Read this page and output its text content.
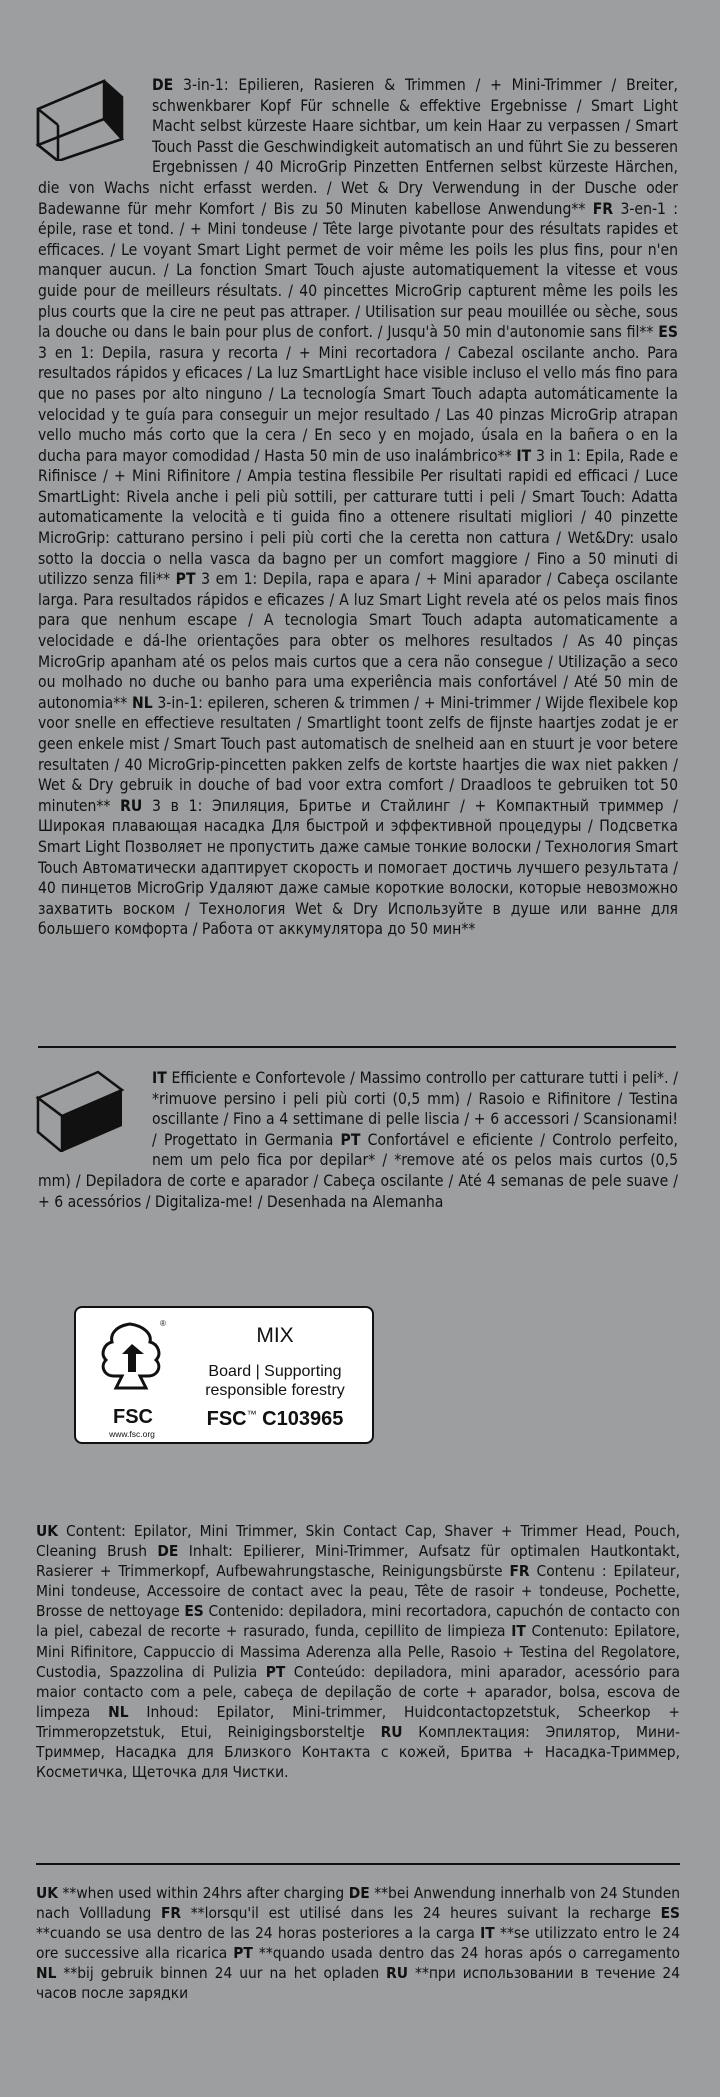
DE 3-in-1: Epilieren, Rasieren & Trimmen / + Mini-Trimmer / Breiter, schwenkbarer Kopf Für schnelle & effektive Ergebnisse / Smart Light Macht selbst kürzeste Haare sichtbar, um kein Haar zu verpassen / Smart Touch Passt die Geschwindigkeit automatisch an und führt Sie zu besseren Ergebnissen / 40 MicroGrip Pinzetten Entfernen selbst kürzeste Härchen, die von Wachs nicht erfasst werden. / Wet & Dry Verwendung in der Dusche oder Badewanne für mehr Komfort / Bis zu 50 Minuten kabellose Anwendung** FR 3-en-1 : épile, rase et tond. / + Mini tondeuse / Tête large pivotante pour des résultats rapides et efficaces. / Le voyant Smart Light permet de voir même les poils les plus fins, pour n'en manquer aucun. / La fonction Smart Touch ajuste automatiquement la vitesse et vous guide pour de meilleurs résultats. / 40 pincettes MicroGrip capturent même les poils les plus courts que la cire ne peut pas attraper. / Utilisation sur peau mouillée ou sèche, sous la douche ou dans le bain pour plus de confort. / Jusqu'à 50 min d'autonomie sans fil** ES 3 en 1: Depila, rasura y recorta / + Mini recortadora / Cabezal oscilante ancho. Para resultados rápidos y eficaces / La luz SmartLight hace visible incluso el vello más fino para que no pases por alto ninguno / La tecnología Smart Touch adapta automáticamente la velocidad y te guía para conseguir un mejor resultado / Las 40 pinzas MicroGrip atrapan vello mucho más corto que la cera / En seco y en mojado, úsala en la bañera o en la ducha para mayor comodidad / Hasta 50 min de uso inalámbrico** IT 3 in 1: Epila, Rade e Rifinisce / + Mini Rifinitore / Ampia testina flessibile Per risultati rapidi ed efficaci / Luce SmartLight: Rivela anche i peli più sottili, per catturare tutti i peli / Smart Touch: Adatta automaticamente la velocità e ti guida fino a ottenere risultati migliori / 40 pinzette MicroGrip: catturano persino i peli più corti che la ceretta non cattura / Wet&Dry: usalo sotto la doccia o nella vasca da bagno per un comfort maggiore / Fino a 50 minuti di utilizzo senza fili** PT 3 em 1: Depila, rapa e apara / + Mini aparador / Cabeça oscilante larga. Para resultados rápidos e eficazes / A luz Smart Light revela até os pelos mais finos para que nenhum escape / A tecnologia Smart Touch adapta automaticamente a velocidade e dá-lhe orientações para obter os melhores resultados / As 40 pinças MicroGrip apanham até os pelos mais curtos que a cera não consegue / Utilização a seco ou molhado no duche ou banho para uma experiência mais confortável / Até 50 min de autonomia** NL 3-in-1: epileren, scheren & trimmen / + Mini-trimmer / Wijde flexibele kop voor snelle en effectieve resultaten / Smartlight toont zelfs de fijnste haartjes zodat je er geen enkele mist / Smart Touch past automatisch de snelheid aan en stuurt je voor betere resultaten / 40 MicroGrip-pincetten pakken zelfs de kortste haartjes die wax niet pakken / Wet & Dry gebruik in douche of bad voor extra comfort / Draadloos te gebruiken tot 50 minuten** RU 3 в 1: Эпиляция, Бритье и Стайлинг / + Компактный триммер / Широкая плавающая насадка Для быстрой и эффективной процедуры / Подсветка Smart Light Позволяет не пропустить даже самые тонкие волоски / Технология Smart Touch Автоматически адаптирует скорость и помогает достичь лучшего результата / 40 пинцетов MicroGrip Удаляют даже самые короткие волоски, которые невозможно захватить воском / Технология Wet & Dry Используйте в душе или ванне для большего комфорта / Работа от аккумулятора до 50 мин**
IT Efficiente e Confortevole / Massimo controllo per catturare tutti i peli*. / *rimuove persino i peli più corti (0,5 mm) / Rasoio e Rifinitore / Testina oscillante / Fino a 4 settimane di pelle liscia / + 6 accessori / Scansionami! / Progettato in Germania PT Confortável e eficiente / Controlo perfeito, nem um pelo fica por depilar* / *remove até os pelos mais curtos (0,5 mm) / Depiladora de corte e aparador / Cabeça oscilante / Até 4 semanas de pele suave / + 6 acessórios / Digitaliza-me! / Desenhada na Alemanha
®
FSC
www.fsc.org
MIX
Board | Supporting
responsible forestry
FSC™ C103965
UK Content: Epilator, Mini Trimmer, Skin Contact Cap, Shaver + Trimmer Head, Pouch, Cleaning Brush DE Inhalt: Epilierer, Mini-Trimmer, Aufsatz für optimalen Hautkontakt, Rasierer + Trimmerkopf, Aufbewahrungstasche, Reinigungsbürste FR Contenu : Epilateur, Mini tondeuse, Accessoire de contact avec la peau, Tête de rasoir + tondeuse, Pochette, Brosse de nettoyage ES Contenido: depiladora, mini recortadora, capuchón de contacto con la piel, cabezal de recorte + rasurado, funda, cepillito de limpieza IT Contenuto: Epilatore, Mini Rifinitore, Cappuccio di Massima Aderenza alla Pelle, Rasoio + Testina del Regolatore, Custodia, Spazzolina di Pulizia PT Conteúdo: depiladora, mini aparador, acessório para maior contacto com a pele, cabeça de depilação de corte + aparador, bolsa, escova de limpeza NL Inhoud: Epilator, Mini-trimmer, Huidcontactopzetstuk, Scheerkop + Trimmeropzetstuk, Etui, Reinigingsborsteltje RU Комплектация: Эпилятор, Мини-Триммер, Насадка для Близкого Контакта с кожей, Бритва + Насадка-Триммер, Косметичка, Щеточка для Чистки.
UK **when used within 24hrs after charging DE **bei Anwendung innerhalb von 24 Stunden nach Vollladung FR **lorsqu'il est utilisé dans les 24 heures suivant la recharge ES **cuando se usa dentro de las 24 horas posteriores a la carga IT **se utilizzato entro le 24 ore successive alla ricarica PT **quando usada dentro das 24 horas após o carregamento NL **bij gebruik binnen 24 uur na het opladen RU **при использовании в течение 24 часов после зарядки
